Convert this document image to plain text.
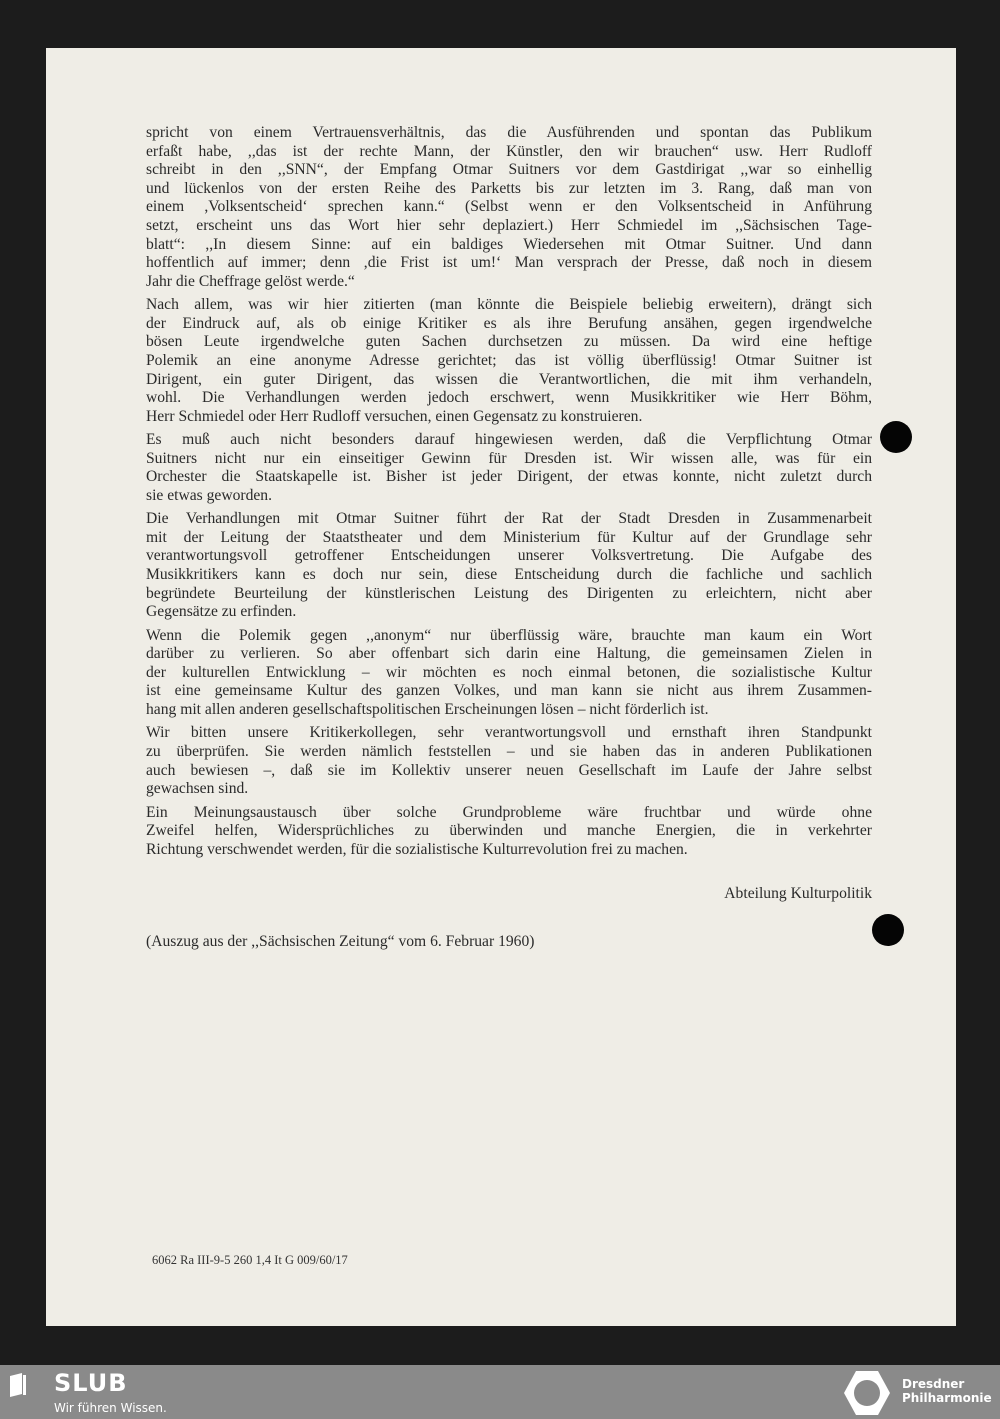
spricht von einem Vertrauensverhältnis, das die Ausführenden und spontan das Publikum
erfaßt habe, ,,das ist der rechte Mann, der Künstler, den wir brauchen“ usw. Herr Rudloff
schreibt in den ,,SNN“, der Empfang Otmar Suitners vor dem Gastdirigat ,,war so einhellig
und lückenlos von der ersten Reihe des Parketts bis zur letzten im 3. Rang, daß man von
einem ,Volksentscheid‘ sprechen kann.“ (Selbst wenn er den Volksentscheid in Anführung
setzt, erscheint uns das Wort hier sehr deplaziert.) Herr Schmiedel im ,,Sächsischen Tage-
blatt“: ,,In diesem Sinne: auf ein baldiges Wiedersehen mit Otmar Suitner. Und dann
hoffentlich auf immer; denn ,die Frist ist um!‘ Man versprach der Presse, daß noch in diesem
Jahr die Cheffrage gelöst werde.“
Nach allem, was wir hier zitierten (man könnte die Beispiele beliebig erweitern), drängt sich
der Eindruck auf, als ob einige Kritiker es als ihre Berufung ansähen, gegen irgendwelche
bösen Leute irgendwelche guten Sachen durchsetzen zu müssen. Da wird eine heftige
Polemik an eine anonyme Adresse gerichtet; das ist völlig überflüssig! Otmar Suitner ist
Dirigent, ein guter Dirigent, das wissen die Verantwortlichen, die mit ihm verhandeln,
wohl. Die Verhandlungen werden jedoch erschwert, wenn Musikkritiker wie Herr Böhm,
Herr Schmiedel oder Herr Rudloff versuchen, einen Gegensatz zu konstruieren.
Es muß auch nicht besonders darauf hingewiesen werden, daß die Verpflichtung Otmar
Suitners nicht nur ein einseitiger Gewinn für Dresden ist. Wir wissen alle, was für ein
Orchester die Staatskapelle ist. Bisher ist jeder Dirigent, der etwas konnte, nicht zuletzt durch
sie etwas geworden.
Die Verhandlungen mit Otmar Suitner führt der Rat der Stadt Dresden in Zusammenarbeit
mit der Leitung der Staatstheater und dem Ministerium für Kultur auf der Grundlage sehr
verantwortungsvoll getroffener Entscheidungen unserer Volksvertretung. Die Aufgabe des
Musikkritikers kann es doch nur sein, diese Entscheidung durch die fachliche und sachlich
begründete Beurteilung der künstlerischen Leistung des Dirigenten zu erleichtern, nicht aber
Gegensätze zu erfinden.
Wenn die Polemik gegen ,,anonym“ nur überflüssig wäre, brauchte man kaum ein Wort
darüber zu verlieren. So aber offenbart sich darin eine Haltung, die gemeinsamen Zielen in
der kulturellen Entwicklung – wir möchten es noch einmal betonen, die sozialistische Kultur
ist eine gemeinsame Kultur des ganzen Volkes, und man kann sie nicht aus ihrem Zusammen-
hang mit allen anderen gesellschaftspolitischen Erscheinungen lösen – nicht förderlich ist.
Wir bitten unsere Kritikerkollegen, sehr verantwortungsvoll und ernsthaft ihren Standpunkt
zu überprüfen. Sie werden nämlich feststellen – und sie haben das in anderen Publikationen
auch bewiesen –, daß sie im Kollektiv unserer neuen Gesellschaft im Laufe der Jahre selbst
gewachsen sind.
Ein Meinungsaustausch über solche Grundprobleme wäre fruchtbar und würde ohne
Zweifel helfen, Widersprüchliches zu überwinden und manche Energien, die in verkehrter
Richtung verschwendet werden, für die sozialistische Kulturrevolution frei zu machen.
Abteilung Kulturpolitik
(Auszug aus der ,,Sächsischen Zeitung“ vom 6. Februar 1960)
6062 Ra III-9-5 260 1,4 It G 009/60/17
SLUB
Wir führen Wissen.
Dresdner
Philharmonie
